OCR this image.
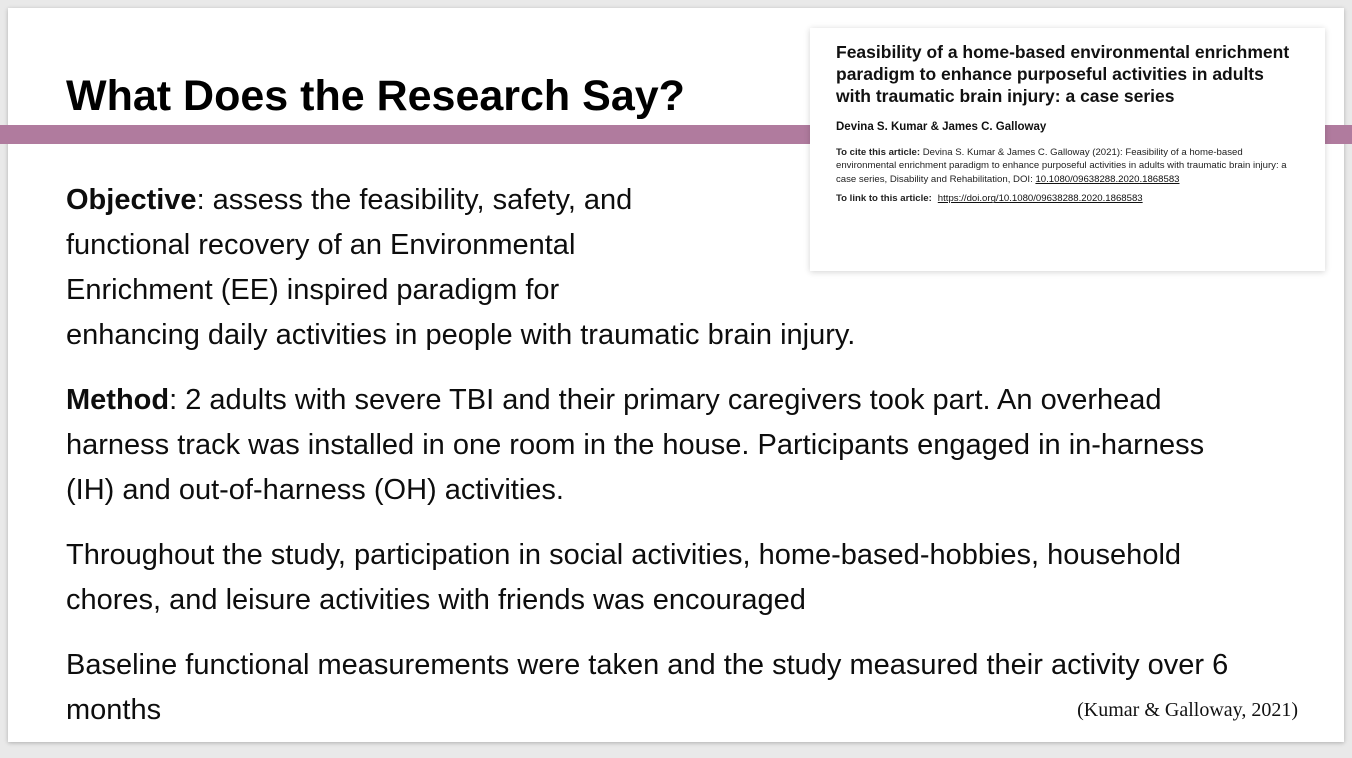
What Does the Research Say?
Feasibility of a home-based environmental enrichment paradigm to enhance purposeful activities in adults with traumatic brain injury: a case series
Devina S. Kumar & James C. Galloway
To cite this article: Devina S. Kumar & James C. Galloway (2021): Feasibility of a home-based environmental enrichment paradigm to enhance purposeful activities in adults with traumatic brain injury: a case series, Disability and Rehabilitation, DOI: 10.1080/09638288.2020.1868583
To link to this article: https://doi.org/10.1080/09638288.2020.1868583

Objective: assess the feasibility, safety, and functional recovery of an Environmental Enrichment (EE) inspired paradigm for enhancing daily activities in people with traumatic brain injury.

Method: 2 adults with severe TBI and their primary caregivers took part. An overhead harness track was installed in one room in the house. Participants engaged in in-harness (IH) and out-of-harness (OH) activities.

Throughout the study, participation in social activities, home-based-hobbies, household chores, and leisure activities with friends was encouraged

Baseline functional measurements were taken and the study measured their activity over 6 months	(Kumar & Galloway, 2021)
